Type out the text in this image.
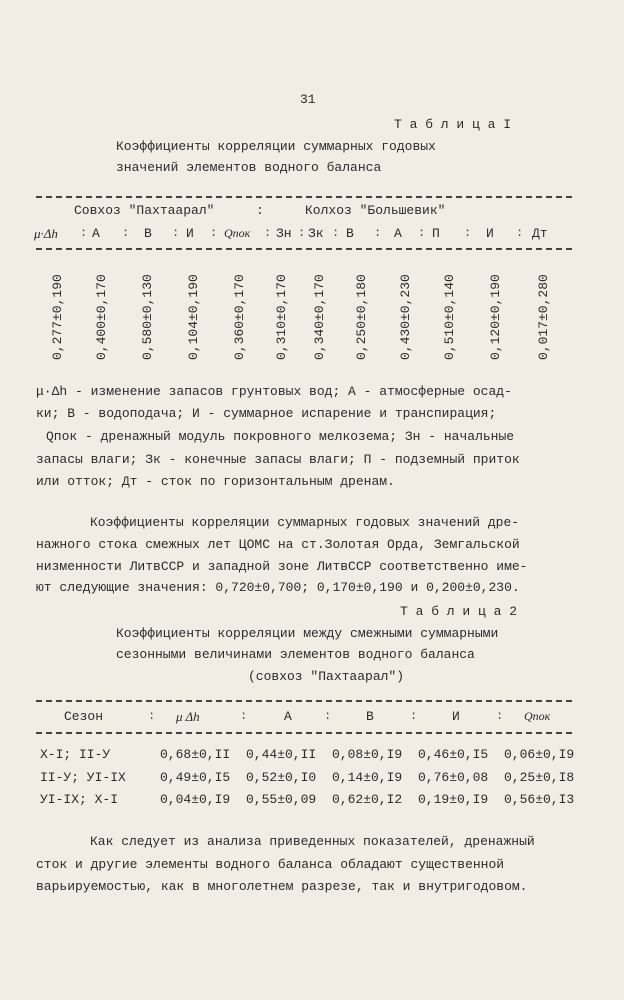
31
Т а б л и ц а I
Коэффициенты корреляции суммарных годовых
значений элементов водного баланса
Совхоз "Пахтаарал"	:	Колхоз "Большевик"
μ·Δh : А : В : И : Qпок : Зн : Зк : В : А : П : И : Дт
0,277±0,190 0,400±0,170 0,580±0,130 0,104±0,190 0,360±0,170 0,310±0,170 0,340±0,170 0,250±0,180 0,430±0,230 0,510±0,140 0,120±0,190	0,017±0,280
μ·Δh - изменение запасов грунтовых вод; А - атмосферные осад-
ки; В - водоподача; И - суммарное испарение и транспирация;
Qпок - дренажный модуль покровного мелкозема; Зн - начальные
запасы влаги; Зк - конечные запасы влаги; П - подземный приток
или отток; Дт - сток по горизонтальным дренам.
Коэффициенты корреляции суммарных годовых значений дре-
нажного стока смежных лет ЦОМС на ст.Золотая Орда, Земгальской
низменности ЛитвССР и западной зоне ЛитвССР соответственно име-
ют следующие значения: 0,720±0,700; 0,170±0,190 и 0,200±0,230.
Т а б л и ц а 2
Коэффициенты корреляции между смежными суммарными
сезонными величинами элементов водного баланса
(совхоз "Пахтаарал")
Сезон	: μ Δh	:	А	:	В	:	И	: Qпок
X-I; II-У	0,68±0,II 0,44±0,II 0,08±0,I9 0,46±0,I5 0,06±0,I9
II-У; УI-IX	0,49±0,I5 0,52±0,I0 0,14±0,I9 0,76±0,08 0,25±0,I8
УI-IX; X-I	0,04±0,I9 0,55±0,09 0,62±0,I2 0,19±0,I9 0,56±0,I3
Как следует из анализа приведенных показателей, дренажный
сток и другие элементы водного баланса обладают существенной
варьируемостью, как в многолетнем разрезе, так и внутригодовом.
